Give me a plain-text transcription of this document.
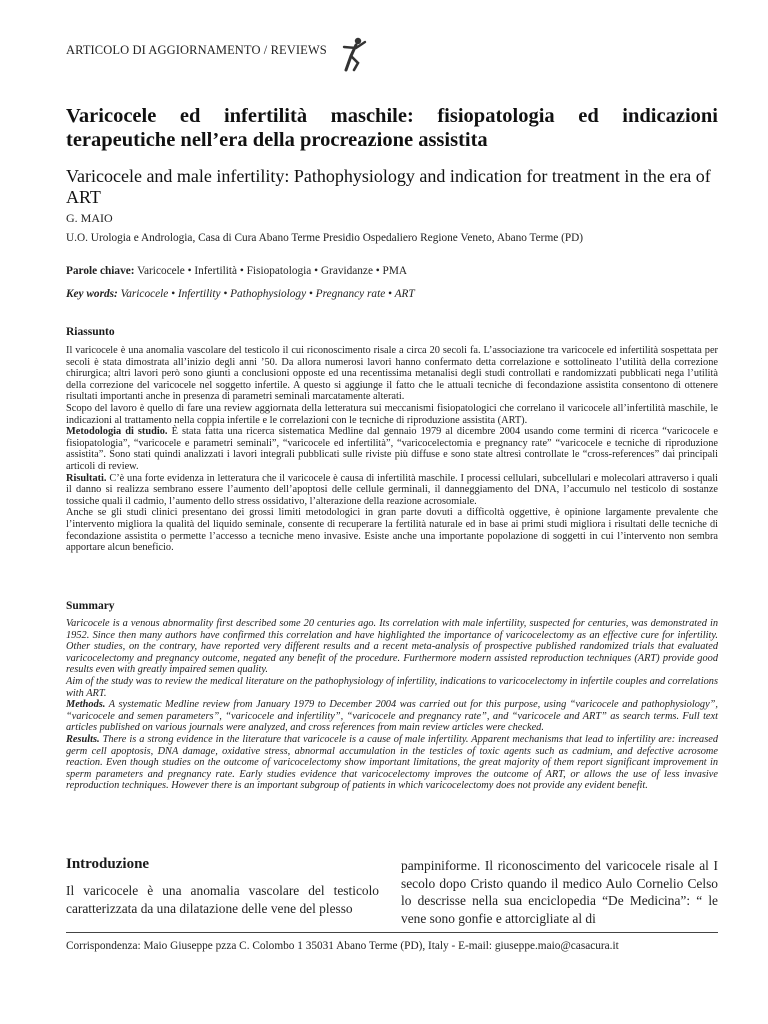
ARTICOLO DI AGGIORNAMENTO / REVIEWS
Varicocele ed infertilità maschile: fisiopatologia ed indicazioni terapeutiche nell’era della procreazione assistita
Varicocele and male infertility: Pathophysiology and indication for treatment in the era of ART
G. MAIO
U.O. Urologia e Andrologia, Casa di Cura Abano Terme Presidio Ospedaliero Regione Veneto, Abano Terme (PD)
Parole chiave: Varicocele • Infertilità • Fisiopatologia • Gravidanze • PMA
Key words: Varicocele • Infertility • Pathophysiology • Pregnancy rate • ART
Riassunto

Il varicocele è una anomalia vascolare del testicolo il cui riconoscimento risale a circa 20 secoli fa. L’associazione tra varicocele ed infertilità sospettata per secoli è stata dimostrata all’inizio degli anni ’50. Da allora numerosi lavori hanno confermato detta correlazione e sottolineato l’utilità della correzione chirurgica; altri lavori però sono giunti a conclusioni opposte ed una recentissima metanalisi degli studi controllati e randomizzati pubblicati nega l’utilità della correzione del varicocele nel soggetto infertile. A questo si aggiunge il fatto che le attuali tecniche di fecondazione assistita consentono di ottenere risultati importanti anche in presenza di parametri seminali marcatamente alterati.

Scopo del lavoro è quello di fare una review aggiornata della letteratura sui meccanismi fisiopatologici che correlano il varicocele all’infertilità maschile, le indicazioni al trattamento nella coppia infertile e le correlazioni con le tecniche di riproduzione assistita (ART).

Metodologia di studio. È stata fatta una ricerca sistematica Medline dal gennaio 1979 al dicembre 2004 usando come termini di ricerca “varicocele e fisiopatologia”, “varicocele e parametri seminali”, “varicocele ed infertilità”, “varicocelectomia e pregnancy rate” “varicocele e tecniche di riproduzione assistita”. Sono stati quindi analizzati i lavori integrali pubblicati sulle riviste più diffuse e sono state altresì controllate le “cross-references” dai principali articoli di review.

Risultati. C’è una forte evidenza in letteratura che il varicocele è causa di infertilità maschile. I processi cellulari, subcellulari e molecolari attraverso i quali il danno si realizza sembrano essere l’aumento dell’apoptosi delle cellule germinali, il danneggiamento del DNA, l’accumulo nel testicolo di sostanze tossiche quali il cadmio, l’aumento dello stress ossidativo, l’alterazione della reazione acrosomiale.

Anche se gli studi clinici presentano dei grossi limiti metodologici in gran parte dovuti a difficoltà oggettive, è opinione largamente prevalente che l’intervento migliora la qualità del liquido seminale, consente di recuperare la fertilità naturale ed in base ai primi studi migliora i risultati delle tecniche di fecondazione assistita o permette l’accesso a tecniche meno invasive. Esiste anche una importante popolazione di soggetti in cui l’intervento non sembra apportare alcun beneficio.

Summary

Varicocele is a venous abnormality first described some 20 centuries ago. Its correlation with male infertility, suspected for centuries, was demonstrated in 1952. Since then many authors have confirmed this correlation and have highlighted the importance of varicocelectomy as an effective cure for infertility. Other studies, on the contrary, have reported very different results and a recent meta-analysis of prospective published randomized trials that evaluated varicocelectomy and pregnancy outcome, negated any benefit of the procedure. Furthermore modern assisted reproduction techniques (ART) provide good results even with greatly impaired semen quality.

Aim of the study was to review the medical literature on the pathophysiology of infertility, indications to varicocelectomy in infertile couples and correlations with ART.

Methods. A systematic Medline review from January 1979 to December 2004 was carried out for this purpose, using “varicocele and pathophysiology”, “varicocele and semen parameters”, “varicocele and infertility”, “varicocele and pregnancy rate”, and “varicocele and ART” as search terms. Full text articles published on various journals were analyzed, and cross references from main review articles were checked.

Results. There is a strong evidence in the literature that varicocele is a cause of male infertility. Apparent mechanisms that lead to infertility are: increased germ cell apoptosis, DNA damage, oxidative stress, abnormal accumulation in the testicles of toxic agents such as cadmium, and defective acrosome reaction. Even though studies on the outcome of varicocelectomy show important limitations, the great majority of them report significant improvement in sperm parameters and pregnancy rate. Early studies evidence that varicocelectomy improves the outcome of ART, or allows the use of less invasive reproduction techniques. However there is an important subgroup of patients in which varicocelectomy does not provide any evident benefit.

Introduzione
Il varicocele è una anomalia vascolare del testicolo caratterizzata da una dilatazione delle vene del plesso
pampiniforme. Il riconoscimento del varicocele risale al I secolo dopo Cristo quando il medico Aulo Cornelio Celso lo descrisse nella sua enciclopedia “De Medicina”: “ le vene sono gonfie e attorcigliate al di
Corrispondenza: Maio Giuseppe pzza C. Colombo 1 35031 Abano Terme (PD), Italy - E-mail: giuseppe.maio@casacura.it
